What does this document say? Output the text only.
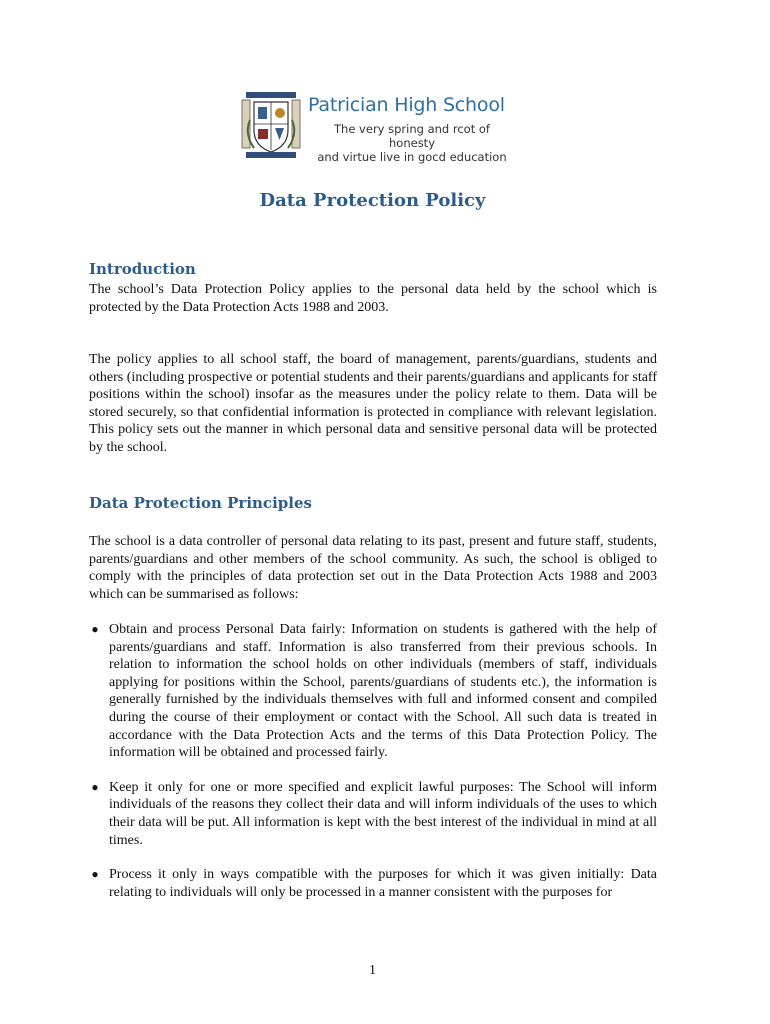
Patrician High School
The very spring and rcot of honesty
and virtue live in gocd education
Data Protection Policy
Introduction

The school’s Data Protection Policy applies to the personal data held by the school which is protected by the Data Protection Acts 1988 and 2003.

The policy applies to all school staff, the board of management, parents/guardians, students and others (including prospective or potential students and their parents/guardians and applicants for staff positions within the school) insofar as the measures under the policy relate to them. Data will be stored securely, so that confidential information is protected in compliance with relevant legislation. This policy sets out the manner in which personal data and sensitive personal data will be protected by the school.

Data Protection Principles

The school is a data controller of personal data relating to its past, present and future staff, students, parents/guardians and other members of the school community. As such, the school is obliged to comply with the principles of data protection set out in the Data Protection Acts 1988 and 2003 which can be summarised as follows:

● Obtain and process Personal Data fairly: Information on students is gathered with the help of parents/guardians and staff. Information is also transferred from their previous schools. In relation to information the school holds on other individuals (members of staff, individuals applying for positions within the School, parents/guardians of students etc.), the information is generally furnished by the individuals themselves with full and informed consent and compiled during the course of their employment or contact with the School. All such data is treated in accordance with the Data Protection Acts and the terms of this Data Protection Policy. The information will be obtained and processed fairly.
● Keep it only for one or more specified and explicit lawful purposes: The School will inform individuals of the reasons they collect their data and will inform individuals of the uses to which their data will be put. All information is kept with the best interest of the individual in mind at all times.
● Process it only in ways compatible with the purposes for which it was given initially: Data relating to individuals will only be processed in a manner consistent with the purposes for
1
